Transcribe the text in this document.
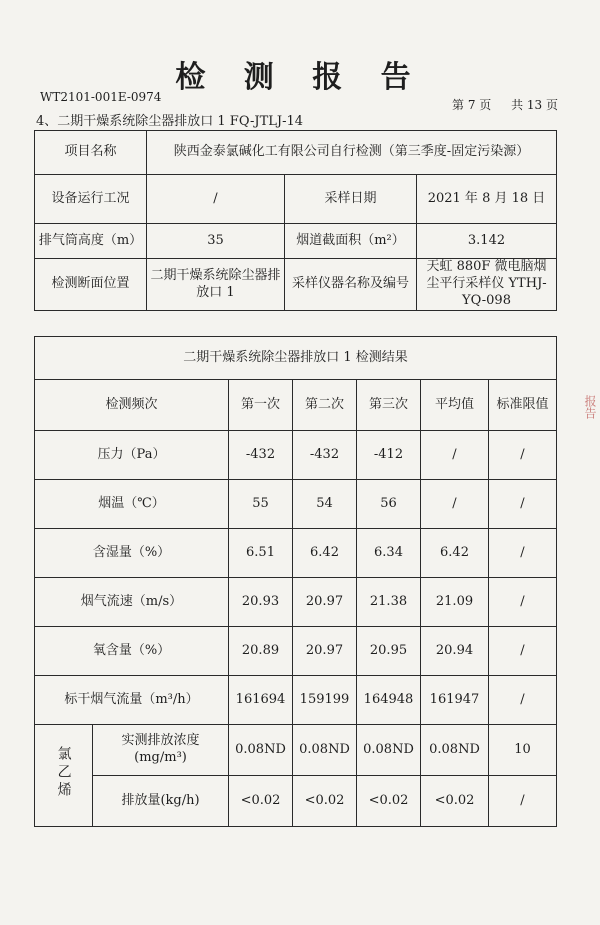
检 测 报 告
WT2101-001E-0974
4、二期干燥系统除尘器排放口 1 FQ-JTLJ-14
第 7 页 共 13 页
项目名称	陕西金泰氯碱化工有限公司自行检测（第三季度-固定污染源）		
设备运行工况	/	采样日期	2021 年 8 月 18 日
排气筒高度（m）	35	烟道截面积（m²）	3.142
检测断面位置	二期干燥系统除尘器排放口 1	采样仪器名称及编号	天虹 880F 微电脑烟尘平行采样仪 YTHJ-YQ-098
二期干燥系统除尘器排放口 1 检测结果						
检测频次		第一次	第二次	第三次	平均值	标准限值
压力（Pa）		-432	-432	-412	/	/
烟温（℃）		55	54	56	/	/
含湿量（%）		6.51	6.42	6.34	6.42	/
烟气流速（m/s）		20.93	20.97	21.38	21.09	/
氧含量（%）		20.89	20.97	20.95	20.94	/
标干烟气流量（m³/h）		161694	159199	164948	161947	/
氯乙烯	实测排放浓度(mg/m³)	0.08ND	0.08ND	0.08ND	0.08ND	10
	排放量(kg/h)	<0.02	<0.02	<0.02	<0.02	/
报告
